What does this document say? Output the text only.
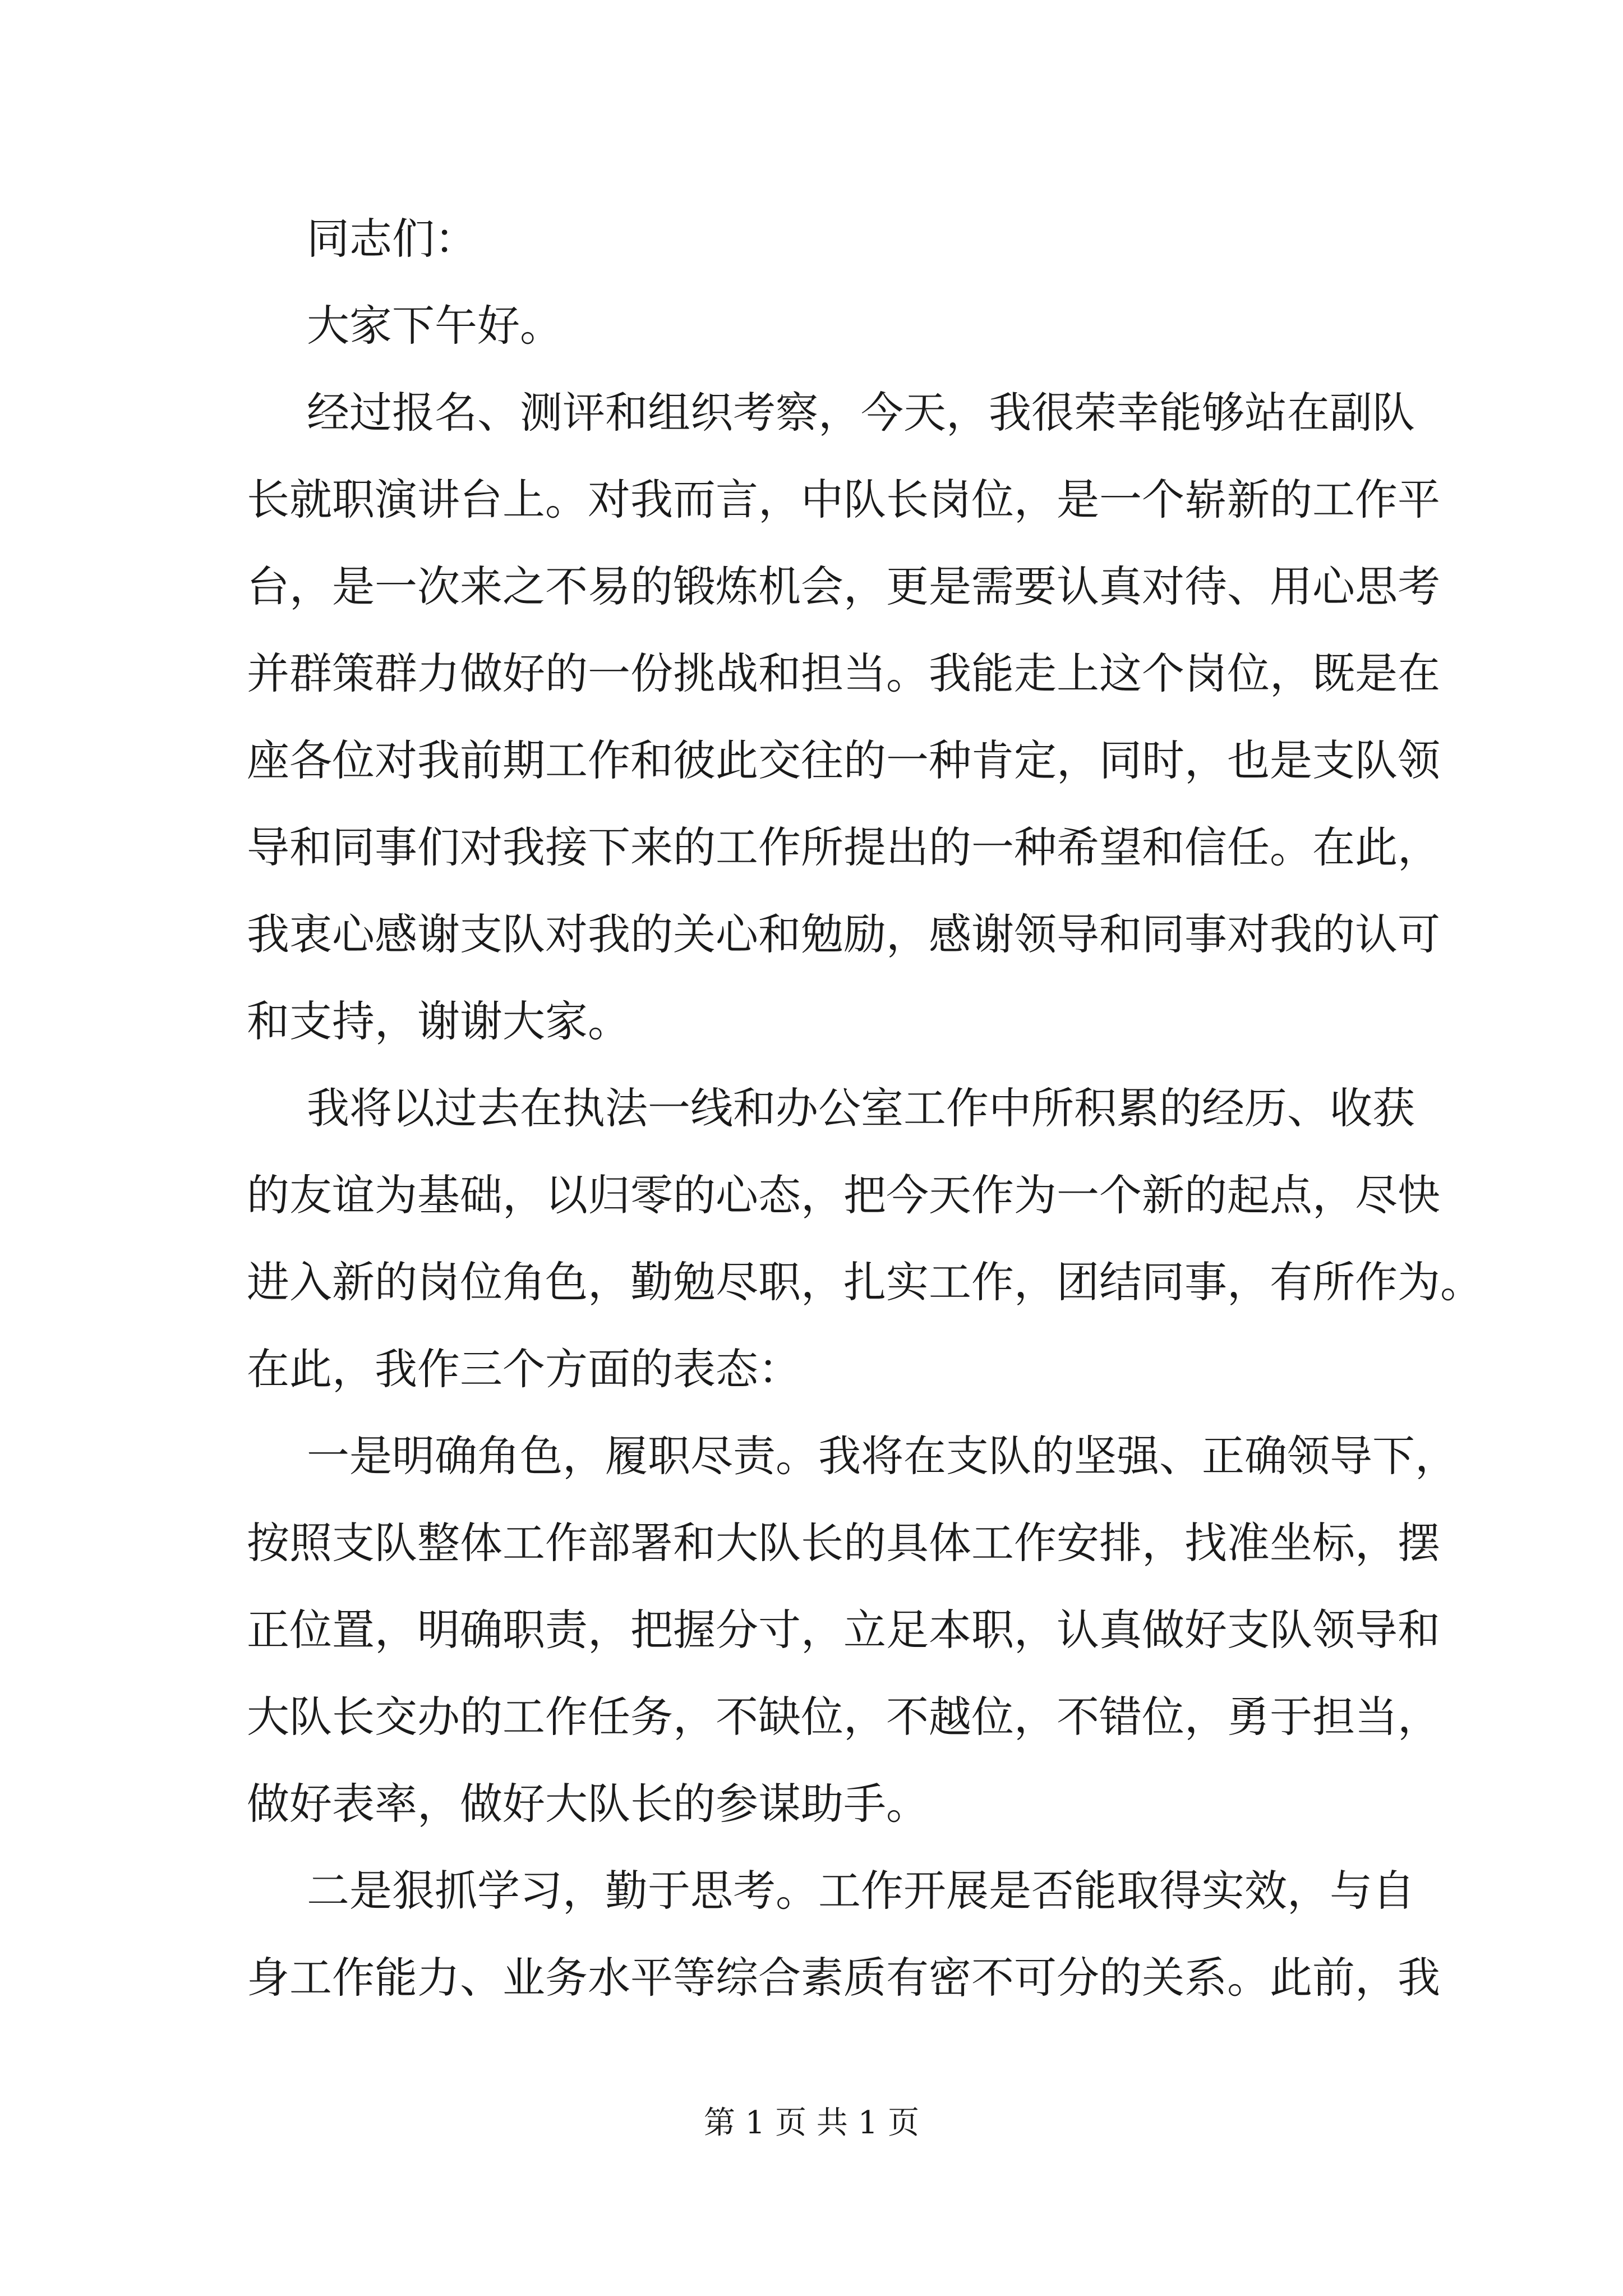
同志们：
大家下午好。
经 过 报 名 、 测 评 和 组 织 考 察 ， 今 天 ， 我 很 荣 幸 能 够 站 在 副 队
长 就 职 演 讲 台 上 。 对 我 而 言 ， 中 队 长 岗 位 ， 是 一 个 崭 新 的 工 作 平
台 ， 是 一 次 来 之 不 易 的 锻 炼 机 会 ， 更 是 需 要 认 真 对 待 、 用 心 思 考
并 群 策 群 力 做 好 的 一 份 挑 战 和 担 当 。 我 能 走 上 这 个 岗 位 ， 既 是 在
座 各 位 对 我 前 期 工 作 和 彼 此 交 往 的 一 种 肯 定 ， 同 时 ， 也 是 支 队 领
导 和 同 事 们 对 我 接 下 来 的 工 作 所 提 出 的 一 种 希 望 和 信 任 。 在 此 ，
我 衷 心 感 谢 支 队 对 我 的 关 心 和 勉 励 ， 感 谢 领 导 和 同 事 对 我 的 认 可
和支持，谢谢大家。
我 将 以 过 去 在 执 法 一 线 和 办 公 室 工 作 中 所 积 累 的 经 历 、 收 获
的 友 谊 为 基 础 ， 以 归 零 的 心 态 ， 把 今 天 作 为 一 个 新 的 起 点 ， 尽 快
进 入 新 的 岗 位 角 色 ， 勤 勉 尽 职 ， 扎 实 工 作 ， 团 结 同 事 ， 有 所 作 为 。
在此，我作三个方面的表态：
一 是 明 确 角 色 ， 履 职 尽 责 。 我 将 在 支 队 的 坚 强 、 正 确 领 导 下 ，
按 照 支 队 整 体 工 作 部 署 和 大 队 长 的 具 体 工 作 安 排 ， 找 准 坐 标 ， 摆
正 位 置 ， 明 确 职 责 ， 把 握 分 寸 ， 立 足 本 职 ， 认 真 做 好 支 队 领 导 和
大 队 长 交 办 的 工 作 任 务 ， 不 缺 位 ， 不 越 位 ， 不 错 位 ， 勇 于 担 当 ，
做好表率，做好大队长的参谋助手。
二 是 狠 抓 学 习 ， 勤 于 思 考 。 工 作 开 展 是 否 能 取 得 实 效 ， 与 自
身 工 作 能 力 、 业 务 水 平 等 综 合 素 质 有 密 不 可 分 的 关 系 。 此 前 ， 我
第 1 页 共 1 页
